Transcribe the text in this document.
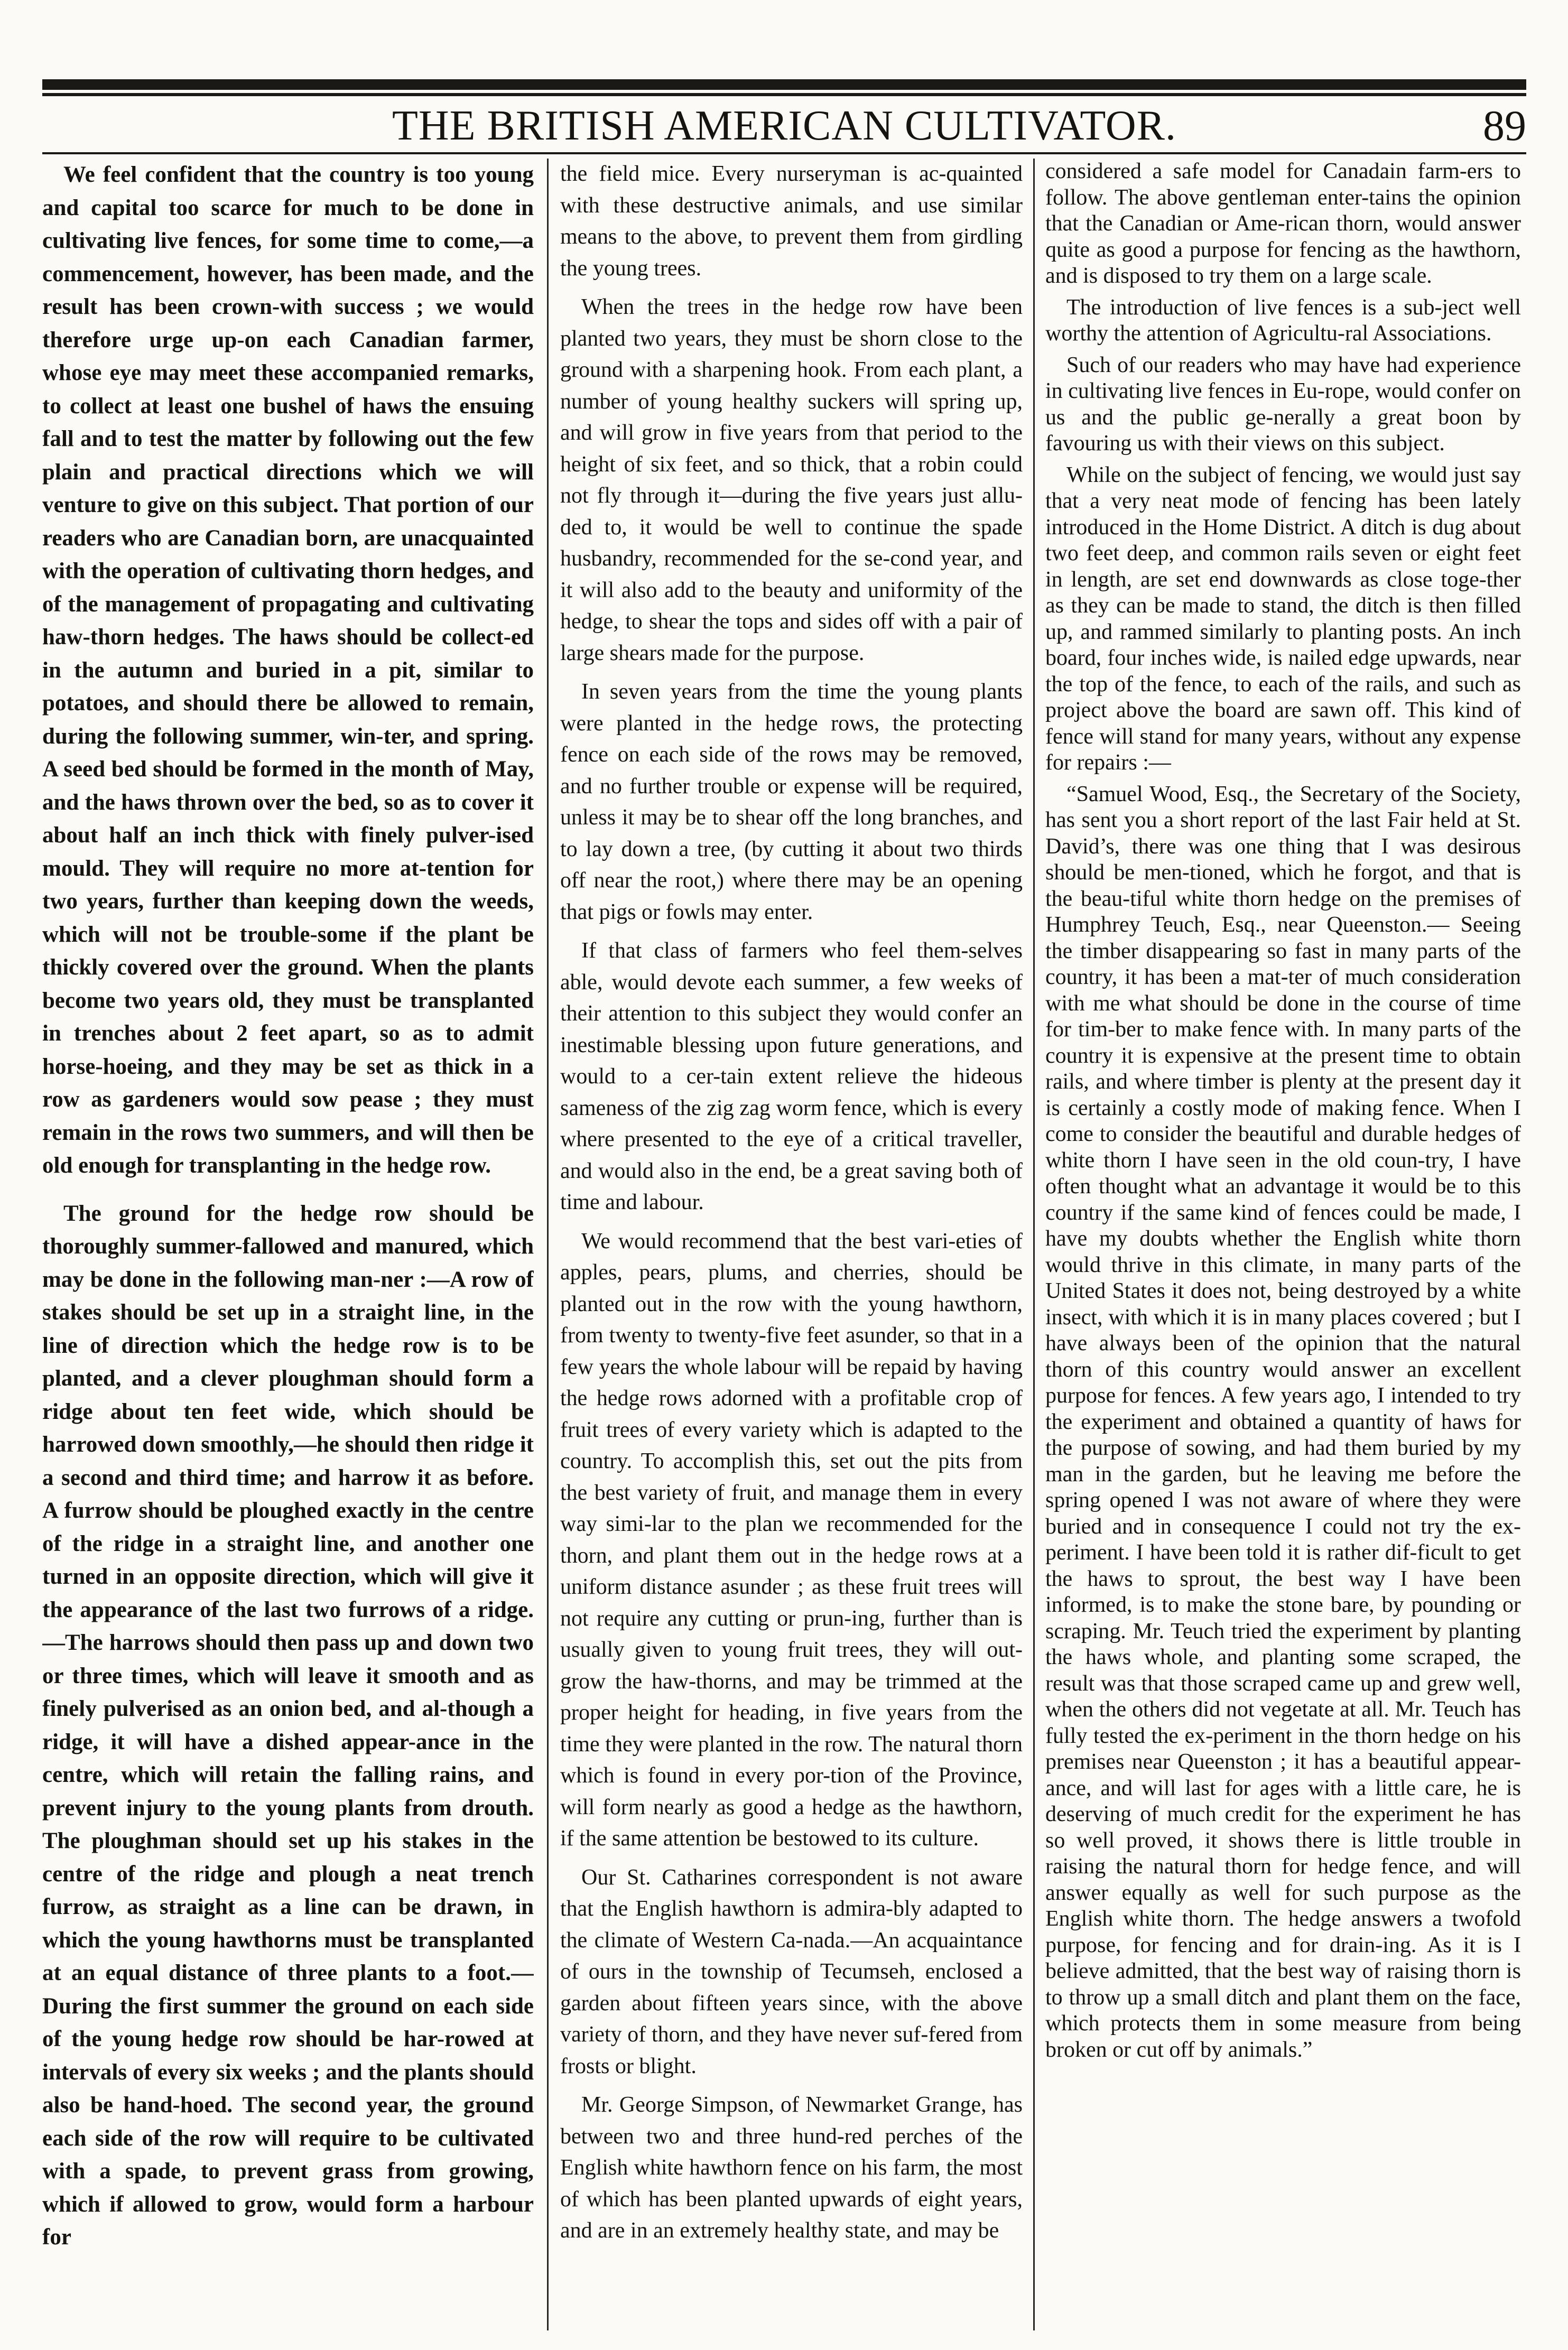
THE BRITISH AMERICAN CULTIVATOR.	89

We feel confident that the country is too young and capital too scarce for much to be done in cultivating live fences, for some time to come,—a commencement, however, has been made, and the result has been crown-with success ; we would therefore urge up-on each Canadian farmer, whose eye may meet these accompanied remarks, to collect at least one bushel of haws the ensuing fall and to test the matter by following out the few plain and practical directions which we will venture to give on this subject. That portion of our readers who are Canadian born, are unacquainted with the operation of cultivating thorn hedges, and of the management of propagating and cultivating haw-thorn hedges. The haws should be collect-ed in the autumn and buried in a pit, similar to potatoes, and should there be allowed to remain, during the following summer, win-ter, and spring. A seed bed should be formed in the month of May, and the haws thrown over the bed, so as to cover it about half an inch thick with finely pulver-ised mould. They will require no more at-tention for two years, further than keeping down the weeds, which will not be trouble-some if the plant be thickly covered over the ground. When the plants become two years old, they must be transplanted in trenches about 2 feet apart, so as to admit horse-hoeing, and they may be set as thick in a row as gardeners would sow pease ; they must remain in the rows two summers, and will then be old enough for transplanting in the hedge row.

The ground for the hedge row should be thoroughly summer-fallowed and manured, which may be done in the following man-ner :—A row of stakes should be set up in a straight line, in the line of direction which the hedge row is to be planted, and a clever ploughman should form a ridge about ten feet wide, which should be harrowed down smoothly,—he should then ridge it a second and third time; and harrow it as before. A furrow should be ploughed exactly in the centre of the ridge in a straight line, and another one turned in an opposite direction, which will give it the appearance of the last two furrows of a ridge.—The harrows should then pass up and down two or three times, which will leave it smooth and as finely pulverised as an onion bed, and al-though a ridge, it will have a dished appear-ance in the centre, which will retain the falling rains, and prevent injury to the young plants from drouth. The ploughman should set up his stakes in the centre of the ridge and plough a neat trench furrow, as straight as a line can be drawn, in which the young hawthorns must be transplanted at an equal distance of three plants to a foot.— During the first summer the ground on each side of the young hedge row should be har-rowed at intervals of every six weeks ; and the plants should also be hand-hoed. The second year, the ground each side of the row will require to be cultivated with a spade, to prevent grass from growing, which if allowed to grow, would form a harbour for

the field mice. Every nurseryman is ac-quainted with these destructive animals, and use similar means to the above, to prevent them from girdling the young trees.

When the trees in the hedge row have been planted two years, they must be shorn close to the ground with a sharpening hook. From each plant, a number of young healthy suckers will spring up, and will grow in five years from that period to the height of six feet, and so thick, that a robin could not fly through it—during the five years just allu-ded to, it would be well to continue the spade husbandry, recommended for the se-cond year, and it will also add to the beauty and uniformity of the hedge, to shear the tops and sides off with a pair of large shears made for the purpose.

In seven years from the time the young plants were planted in the hedge rows, the protecting fence on each side of the rows may be removed, and no further trouble or expense will be required, unless it may be to shear off the long branches, and to lay down a tree, (by cutting it about two thirds off near the root,) where there may be an opening that pigs or fowls may enter.

If that class of farmers who feel them-selves able, would devote each summer, a few weeks of their attention to this subject they would confer an inestimable blessing upon future generations, and would to a cer-tain extent relieve the hideous sameness of the zig zag worm fence, which is every where presented to the eye of a critical traveller, and would also in the end, be a great saving both of time and labour.

We would recommend that the best vari-eties of apples, pears, plums, and cherries, should be planted out in the row with the young hawthorn, from twenty to twenty-five feet asunder, so that in a few years the whole labour will be repaid by having the hedge rows adorned with a profitable crop of fruit trees of every variety which is adapted to the country. To accomplish this, set out the pits from the best variety of fruit, and manage them in every way simi-lar to the plan we recommended for the thorn, and plant them out in the hedge rows at a uniform distance asunder ; as these fruit trees will not require any cutting or prun-ing, further than is usually given to young fruit trees, they will out-grow the haw-thorns, and may be trimmed at the proper height for heading, in five years from the time they were planted in the row. The natural thorn which is found in every por-tion of the Province, will form nearly as good a hedge as the hawthorn, if the same attention be bestowed to its culture.

Our St. Catharines correspondent is not aware that the English hawthorn is admira-bly adapted to the climate of Western Ca-nada.—An acquaintance of ours in the township of Tecumseh, enclosed a garden about fifteen years since, with the above variety of thorn, and they have never suf-fered from frosts or blight.

Mr. George Simpson, of Newmarket Grange, has between two and three hund-red perches of the English white hawthorn fence on his farm, the most of which has been planted upwards of eight years, and are in an extremely healthy state, and may be

considered a safe model for Canadain farm-ers to follow. The above gentleman enter-tains the opinion that the Canadian or Ame-rican thorn, would answer quite as good a purpose for fencing as the hawthorn, and is disposed to try them on a large scale.

The introduction of live fences is a sub-ject well worthy the attention of Agricultu-ral Associations.

Such of our readers who may have had experience in cultivating live fences in Eu-rope, would confer on us and the public ge-nerally a great boon by favouring us with their views on this subject.

While on the subject of fencing, we would just say that a very neat mode of fencing has been lately introduced in the Home District. A ditch is dug about two feet deep, and common rails seven or eight feet in length, are set end downwards as close toge-ther as they can be made to stand, the ditch is then filled up, and rammed similarly to planting posts. An inch board, four inches wide, is nailed edge upwards, near the top of the fence, to each of the rails, and such as project above the board are sawn off. This kind of fence will stand for many years, without any expense for repairs :—

“Samuel Wood, Esq., the Secretary of the Society, has sent you a short report of the last Fair held at St. David’s, there was one thing that I was desirous should be men-tioned, which he forgot, and that is the beau-tiful white thorn hedge on the premises of Humphrey Teuch, Esq., near Queenston.— Seeing the timber disappearing so fast in many parts of the country, it has been a mat-ter of much consideration with me what should be done in the course of time for tim-ber to make fence with. In many parts of the country it is expensive at the present time to obtain rails, and where timber is plenty at the present day it is certainly a costly mode of making fence. When I come to consider the beautiful and durable hedges of white thorn I have seen in the old coun-try, I have often thought what an advantage it would be to this country if the same kind of fences could be made, I have my doubts whether the English white thorn would thrive in this climate, in many parts of the United States it does not, being destroyed by a white insect, with which it is in many places covered ; but I have always been of the opinion that the natural thorn of this country would answer an excellent purpose for fences. A few years ago, I intended to try the experiment and obtained a quantity of haws for the purpose of sowing, and had them buried by my man in the garden, but he leaving me before the spring opened I was not aware of where they were buried and in consequence I could not try the ex-periment. I have been told it is rather dif-ficult to get the haws to sprout, the best way I have been informed, is to make the stone bare, by pounding or scraping. Mr. Teuch tried the experiment by planting the haws whole, and planting some scraped, the result was that those scraped came up and grew well, when the others did not vegetate at all. Mr. Teuch has fully tested the ex-periment in the thorn hedge on his premises near Queenston ; it has a beautiful appear-ance, and will last for ages with a little care, he is deserving of much credit for the experiment he has so well proved, it shows there is little trouble in raising the natural thorn for hedge fence, and will answer equally as well for such purpose as the English white thorn. The hedge answers a twofold purpose, for fencing and for drain-ing. As it is I believe admitted, that the best way of raising thorn is to throw up a small ditch and plant them on the face, which protects them in some measure from being broken or cut off by animals.”
